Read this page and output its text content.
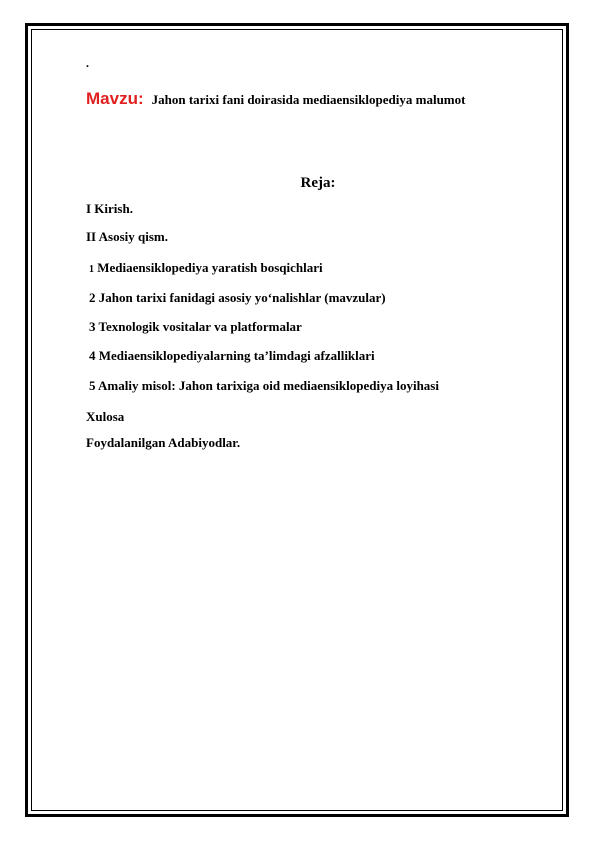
.
Mavzu: Jahon tarixi fani doirasida mediaensiklopediya malumot
Reja:
I Kirish.
II Asosiy qism.
1 Mediaensiklopediya yaratish bosqichlari
2 Jahon tarixi fanidagi asosiy yo‘nalishlar (mavzular)
3 Texnologik vositalar va platformalar
4 Mediaensiklopediyalarning ta’limdagi afzalliklari
5 Amaliy misol: Jahon tarixiga oid mediaensiklopediya loyihasi
Xulosa
Foydalanilgan Adabiyodlar.
